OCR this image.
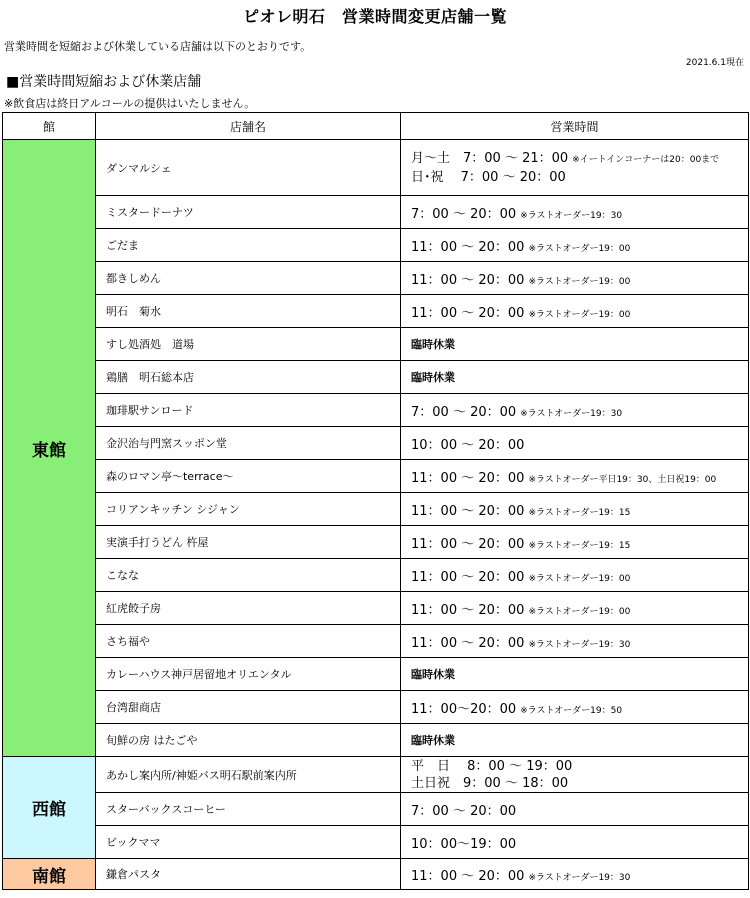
ピオレ明石　営業時間変更店舗一覧
営業時間を短縮および休業している店舗は以下のとおりです。
2021.6.1現在
■営業時間短縮および休業店舗
※飲食店は終日アルコールの提供はいたしません。
館	店舗名	営業時間
東館	ダンマルシェ	月～土　7：00 ～ 21：00 ※イートインコーナーは20：00まで
日･祝　 7：00 ～ 20：00

	ミスタードーナツ	7：00 ～ 20：00 ※ラストオーダー19：30
	ごだま	11：00 ～ 20：00 ※ラストオーダー19：00
	都きしめん	11：00 ～ 20：00 ※ラストオーダー19：00
	明石　菊水	11：00 ～ 20：00 ※ラストオーダー19：00
	すし処酒処　道場	臨時休業
	鶏膳　明石総本店	臨時休業
	珈琲駅サンロード	7：00 ～ 20：00 ※ラストオーダー19：30
	金沢治与門窯スッポン堂	10：00 ～ 20：00
	森のロマン亭～terrace～	11：00 ～ 20：00 ※ラストオーダー平日19：30、土日祝19：00
	コリアンキッチン シジャン	11：00 ～ 20：00 ※ラストオーダー19：15
	実演手打うどん 杵屋	11：00 ～ 20：00 ※ラストオーダー19：15
	こなな	11：00 ～ 20：00 ※ラストオーダー19：00
	紅虎餃子房	11：00 ～ 20：00 ※ラストオーダー19：00
	さち福や	11：00 ～ 20：00 ※ラストオーダー19：30
	カレーハウス神戸居留地オリエンタル	臨時休業
	台湾甜商店	11：00～20：00 ※ラストオーダー19：50
	旬鮮の房 はたごや	臨時休業
西館	あかし案内所/神姫バス明石駅前案内所	平　日　 8：00 ～ 19：00
土日祝　9：00 ～ 18：00

	スターバックスコーヒー	7：00 ～ 20：00
	ビックママ	10：00～19：00
南館	鎌倉パスタ	11：00 ～ 20：00 ※ラストオーダー19：30
